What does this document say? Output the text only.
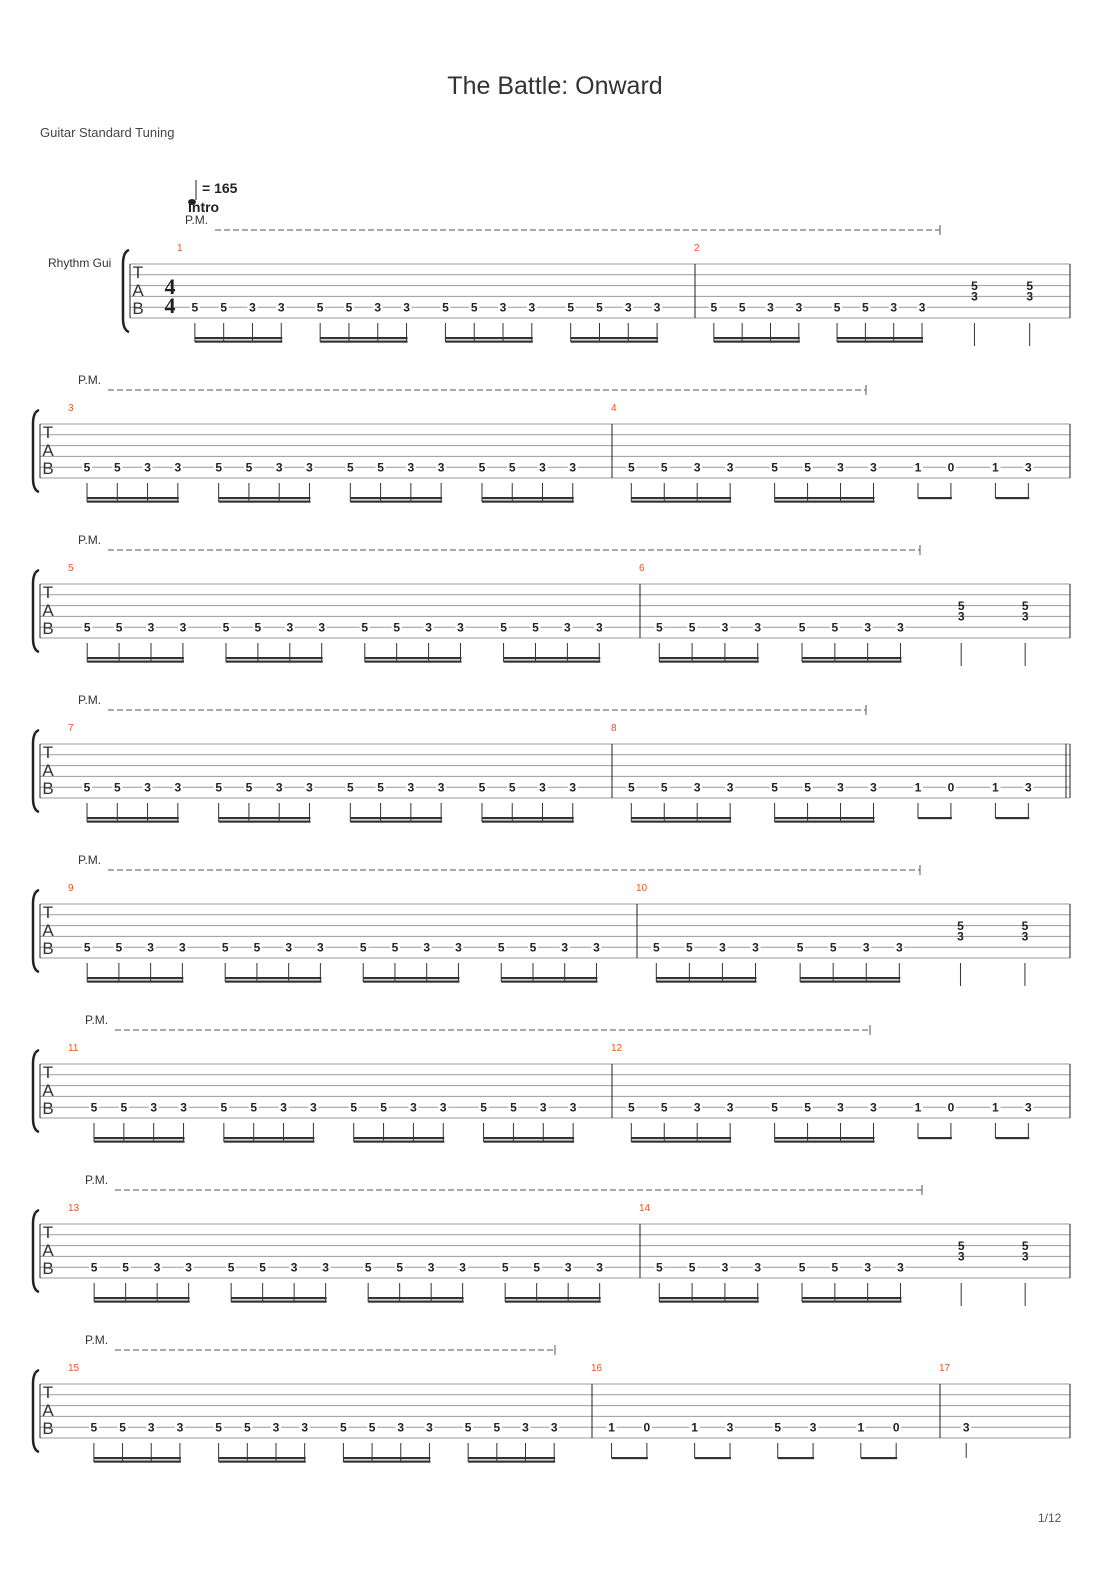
The Battle: Onward
Guitar Standard Tuning
1/12
T
A
B
P.M.
Rhythm Gui
4
4
= 165
Intro
1
5 5 3 3	5 5 3 3	5 5 3 3	5 5 3 3
2
5 5 3 3	5 5 3 3
5
3
5
3
T
A
B
P.M.
3
5 5 3 3	5 5 3 3	5 5 3 3	5 5 3 3
4
5 5 3 3	5 5 3 3	1 0	1 3
T
A
B
P.M.
5
5 5 3 3	5 5 3 3	5 5 3 3	5 5 3 3
6
5 5 3 3	5 5 3 3
5
3
5
3
T
A
B
P.M.
7
5 5 3 3	5 5 3 3	5 5 3 3	5 5 3 3
8
5 5 3 3	5 5 3 3	1 0	1 3
T
A
B
P.M.
9
5 5 3 3	5 5 3 3	5 5 3 3	5 5 3 3
10
5 5 3 3	5 5 3 3
5
3
5
3
T
A
B
P.M.
11
5 5 3 3	5 5 3 3	5 5 3 3	5 5 3 3
12
5 5 3 3	5 5 3 3	1 0	1 3
T
A
B
P.M.
13
5 5 3 3	5 5 3 3	5 5 3 3	5 5 3 3
14
5 5 3 3	5 5 3 3
5
3
5
3
T
A
B
P.M.
15
5 5 3 3	5 5 3 3	5 5 3 3	5 5 3 3
16
1 0	1 3	5 3	1 0
17
3
